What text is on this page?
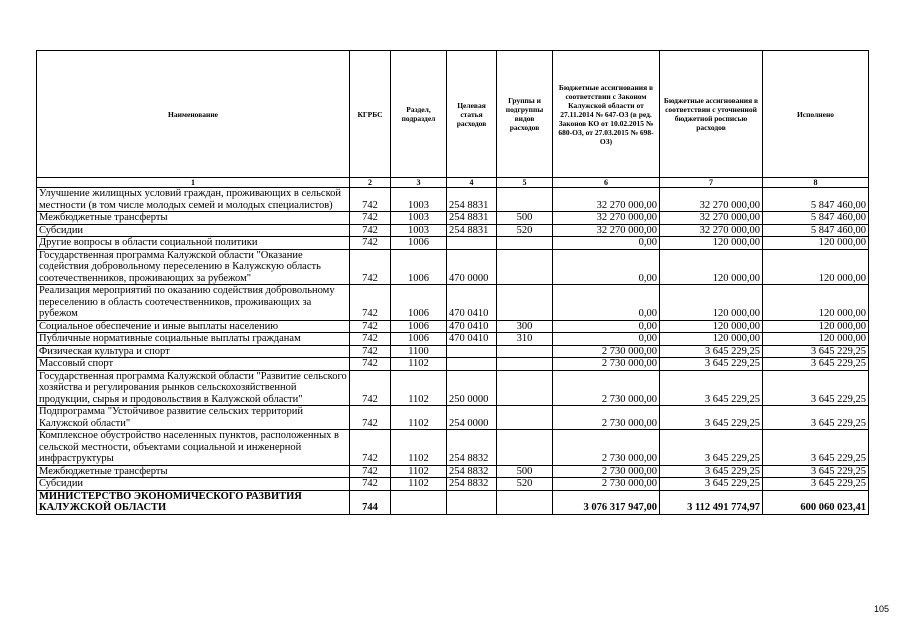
Наименование	КГРБС	Раздел, подраздел	Целевая статья расходов	Группы и подгруппы видов расходов	Бюджетные ассигнования в соответствии с Законом Калужской области от 27.11.2014 № 647-ОЗ (в ред. Законов КО от 10.02.2015 № 680-ОЗ, от 27.03.2015 № 698-ОЗ)	Бюджетные ассигнования в соответствии с уточненной бюджетной росписью расходов	Исполнено
1	2	3	4	5	6	7	8
Улучшение жилищных условий граждан, проживающих в сельской местности (в том числе молодых семей и молодых специалистов)	742	1003	254 8831		32 270 000,00	32 270 000,00	5 847 460,00
Межбюджетные трансферты	742	1003	254 8831	500	32 270 000,00	32 270 000,00	5 847 460,00
Субсидии	742	1003	254 8831	520	32 270 000,00	32 270 000,00	5 847 460,00
Другие вопросы в области социальной политики	742	1006			0,00	120 000,00	120 000,00
Государственная программа Калужской области "Оказание содействия добровольному переселению в Калужскую область соотечественников, проживающих за рубежом"	742	1006	470 0000		0,00	120 000,00	120 000,00
Реализация мероприятий по оказанию содействия добровольному переселению в область соотечественников, проживающих за рубежом	742	1006	470 0410		0,00	120 000,00	120 000,00
Социальное обеспечение и иные выплаты населению	742	1006	470 0410	300	0,00	120 000,00	120 000,00
Публичные нормативные социальные выплаты гражданам	742	1006	470 0410	310	0,00	120 000,00	120 000,00
Физическая культура и спорт	742	1100			2 730 000,00	3 645 229,25	3 645 229,25
Массовый спорт	742	1102			2 730 000,00	3 645 229,25	3 645 229,25
Государственная программа Калужской области "Развитие сельского хозяйства и регулирования рынков сельскохозяйственной продукции, сырья и продовольствия в Калужской области"	742	1102	250 0000		2 730 000,00	3 645 229,25	3 645 229,25
Подпрограмма "Устойчивое развитие сельских территорий Калужской области"	742	1102	254 0000		2 730 000,00	3 645 229,25	3 645 229,25
Комплексное обустройство населенных пунктов, расположенных в сельской местности, объектами социальной и инженерной инфраструктуры	742	1102	254 8832		2 730 000,00	3 645 229,25	3 645 229,25
Межбюджетные трансферты	742	1102	254 8832	500	2 730 000,00	3 645 229,25	3 645 229,25
Субсидии	742	1102	254 8832	520	2 730 000,00	3 645 229,25	3 645 229,25
МИНИСТЕРСТВО ЭКОНОМИЧЕСКОГО РАЗВИТИЯ КАЛУЖСКОЙ ОБЛАСТИ	744				3 076 317 947,00	3 112 491 774,97	600 060 023,41
105
